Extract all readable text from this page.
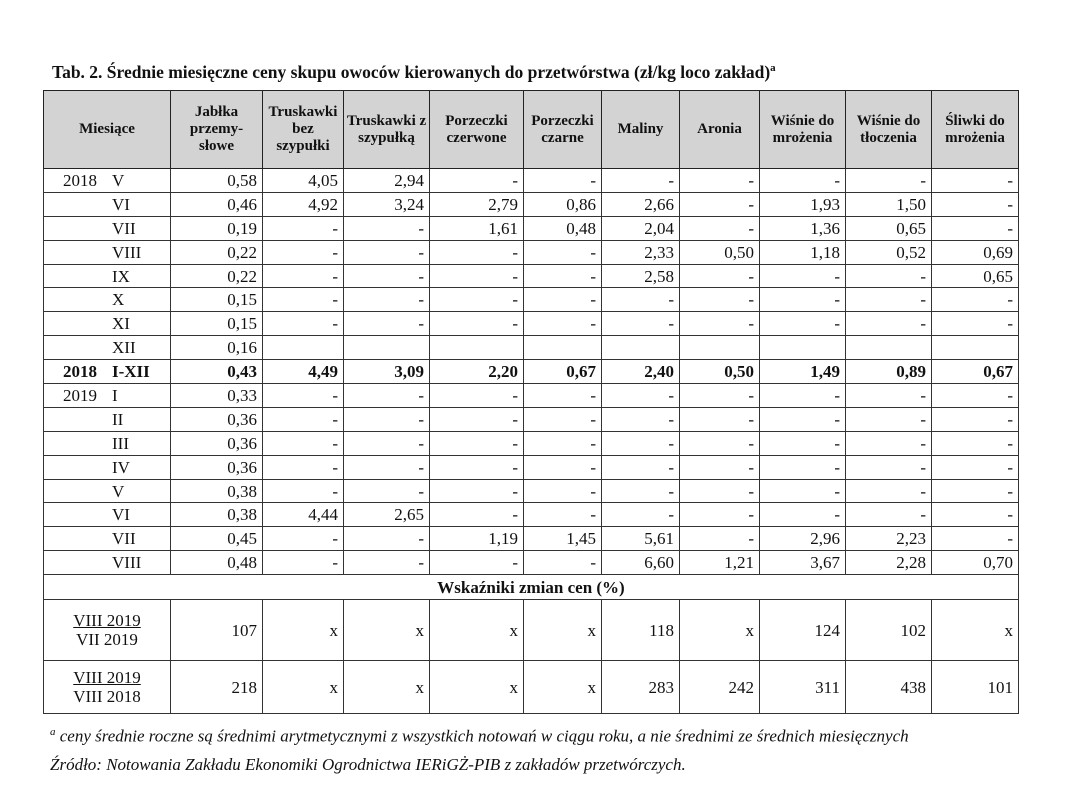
Tab. 2. Średnie miesięczne ceny skupu owoców kierowanych do przetwórstwa (zł/kg loco zakład)$^a$
Miesiące	Jabłka przemy-słowe	Truskawki bez szypułki	Truskawki z szypułką	Porzeczki czerwone	Porzeczki czarne	Maliny	Aronia	Wiśnie do mrożenia	Wiśnie do tłoczenia	Śliwki do mrożenia
2018 V	0,58	4,05	2,94	-	-	-	-	-	-	-
VI	0,46	4,92	3,24	2,79	0,86	2,66	-	1,93	1,50	-
VII	0,19	-	-	1,61	0,48	2,04	-	1,36	0,65	-
VIII	0,22	-	-	-	-	2,33	0,50	1,18	0,52	0,69
IX	0,22	-	-	-	-	2,58	-	-	-	0,65
X	0,15	-	-	-	-	-	-	-	-	-
XI	0,15	-	-	-	-	-	-	-	-	-
XII	0,16									
2018 I-XII	0,43	4,49	3,09	2,20	0,67	2,40	0,50	1,49	0,89	0,67
2019 I	0,33	-	-	-	-	-	-	-	-	-
II	0,36	-	-	-	-	-	-	-	-	-
III	0,36	-	-	-	-	-	-	-	-	-
IV	0,36	-	-	-	-	-	-	-	-	-
V	0,38	-	-	-	-	-	-	-	-	-
VI	0,38	4,44	2,65	-	-	-	-	-	-	-
VII	0,45	-	-	1,19	1,45	5,61	-	2,96	2,23	-
VIII	0,48	-	-	-	-	6,60	1,21	3,67	2,28	0,70
Wskaźniki zmian cen (%)										

VIII 2019
VII 2019	107	x	x	x	x	118	x	124	102	x

VIII 2019
VIII 2018	218	x	x	x	x	283	242	311	438	101
$^a$ ceny średnie roczne są średnimi arytmetycznymi z wszystkich notowań w ciągu roku, a nie średnimi ze średnich miesięcznych
Źródło: Notowania Zakładu Ekonomiki Ogrodnictwa IERiGŻ-PIB z zakładów przetwórczych.
